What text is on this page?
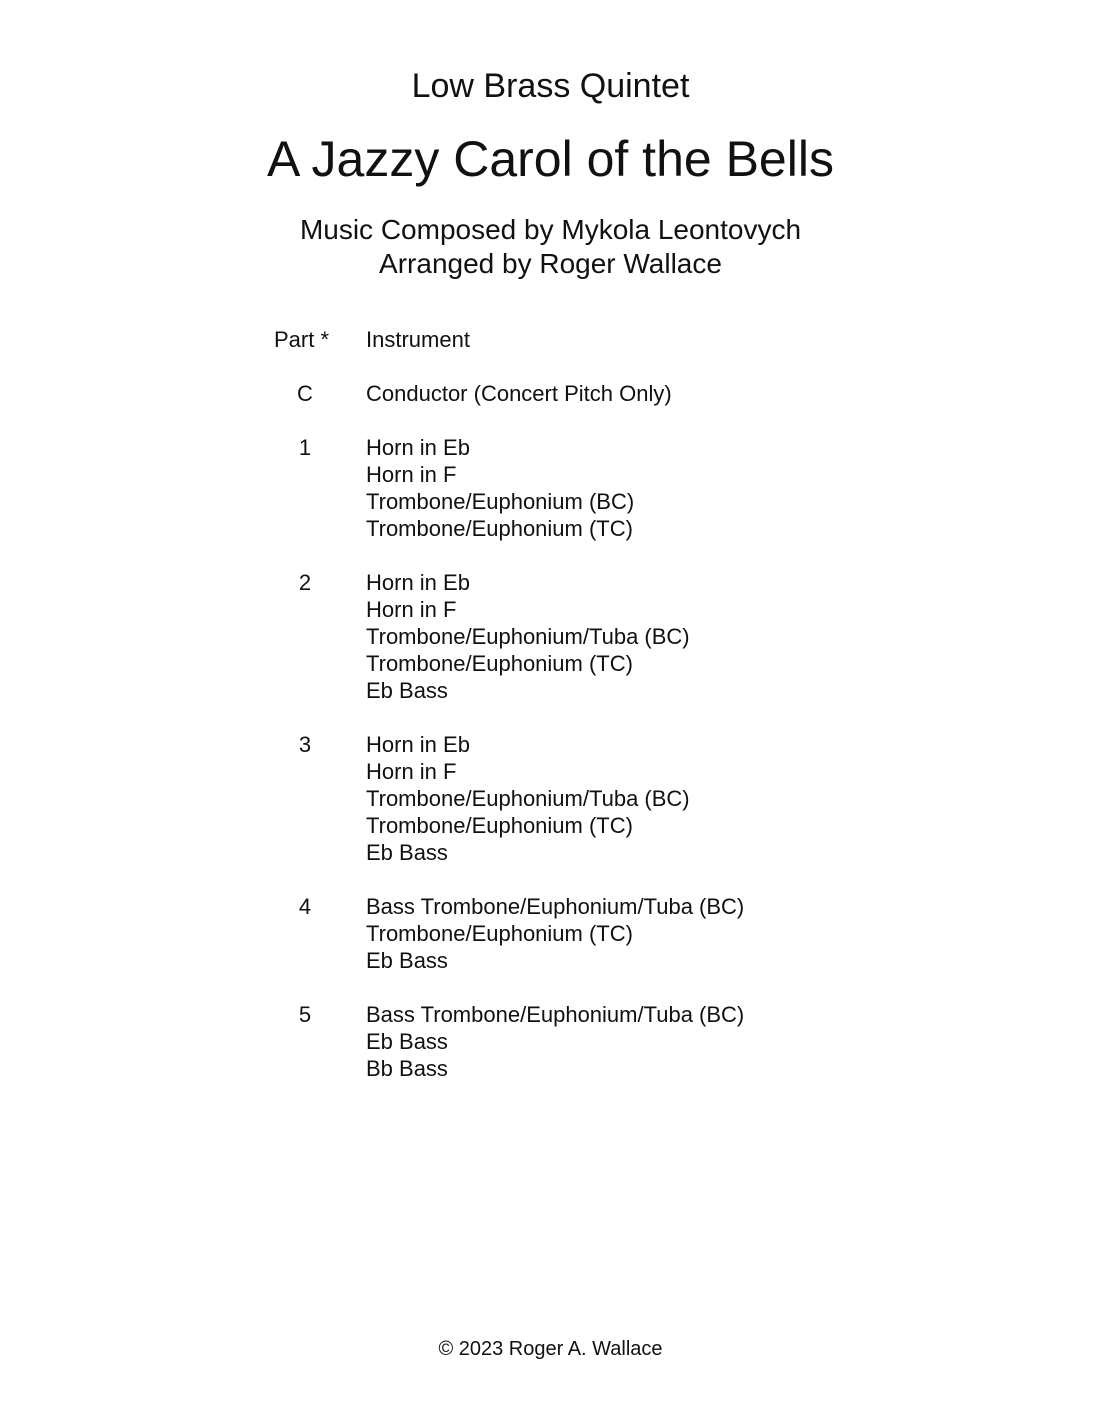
Low Brass Quintet
A Jazzy Carol of the Bells
Music Composed by Mykola Leontovych
Arranged by Roger Wallace
Part *	Instrument
C	Conductor (Concert Pitch Only)
1	Horn in Eb
Horn in F
Trombone/Euphonium (BC)
Trombone/Euphonium (TC)
2	Horn in Eb
Horn in F
Trombone/Euphonium/Tuba (BC)
Trombone/Euphonium (TC)
Eb Bass
3	Horn in Eb
Horn in F
Trombone/Euphonium/Tuba (BC)
Trombone/Euphonium (TC)
Eb Bass
4	Bass Trombone/Euphonium/Tuba (BC)
Trombone/Euphonium (TC)
Eb Bass
5	Bass Trombone/Euphonium/Tuba (BC)
Eb Bass
Bb Bass
© 2023 Roger A. Wallace
